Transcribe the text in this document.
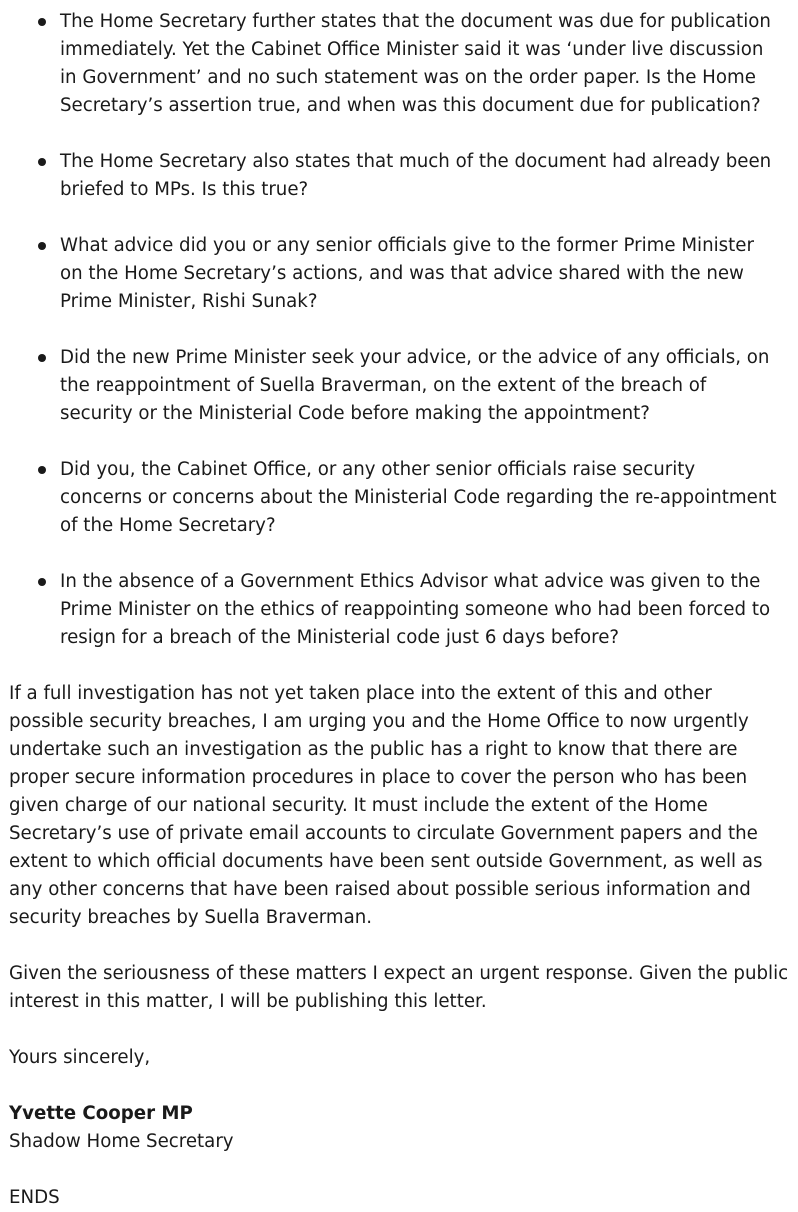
The Home Secretary further states that the document was due for publication immediately. Yet the Cabinet Office Minister said it was ‘under live discussion in Government’ and no such statement was on the order paper. Is the Home Secretary’s assertion true, and when was this document due for publication?
The Home Secretary also states that much of the document had already been briefed to MPs. Is this true?
What advice did you or any senior officials give to the former Prime Minister on the Home Secretary’s actions, and was that advice shared with the new Prime Minister, Rishi Sunak?
Did the new Prime Minister seek your advice, or the advice of any officials, on the reappointment of Suella Braverman, on the extent of the breach of security or the Ministerial Code before making the appointment?
Did you, the Cabinet Office, or any other senior officials raise security concerns or concerns about the Ministerial Code regarding the re-appointment of the Home Secretary?
In the absence of a Government Ethics Advisor what advice was given to the Prime Minister on the ethics of reappointing someone who had been forced to resign for a breach of the Ministerial code just 6 days before?

If a full investigation has not yet taken place into the extent of this and other possible security breaches, I am urging you and the Home Office to now urgently undertake such an investigation as the public has a right to know that there are proper secure information procedures in place to cover the person who has been given charge of our national security. It must include the extent of the Home Secretary’s use of private email accounts to circulate Government papers and the extent to which official documents have been sent outside Government, as well as any other concerns that have been raised about possible serious information and security breaches by Suella Braverman.

Given the seriousness of these matters I expect an urgent response. Given the public interest in this matter, I will be publishing this letter.

Yours sincerely,

Yvette Cooper MP

Shadow Home Secretary

ENDS
